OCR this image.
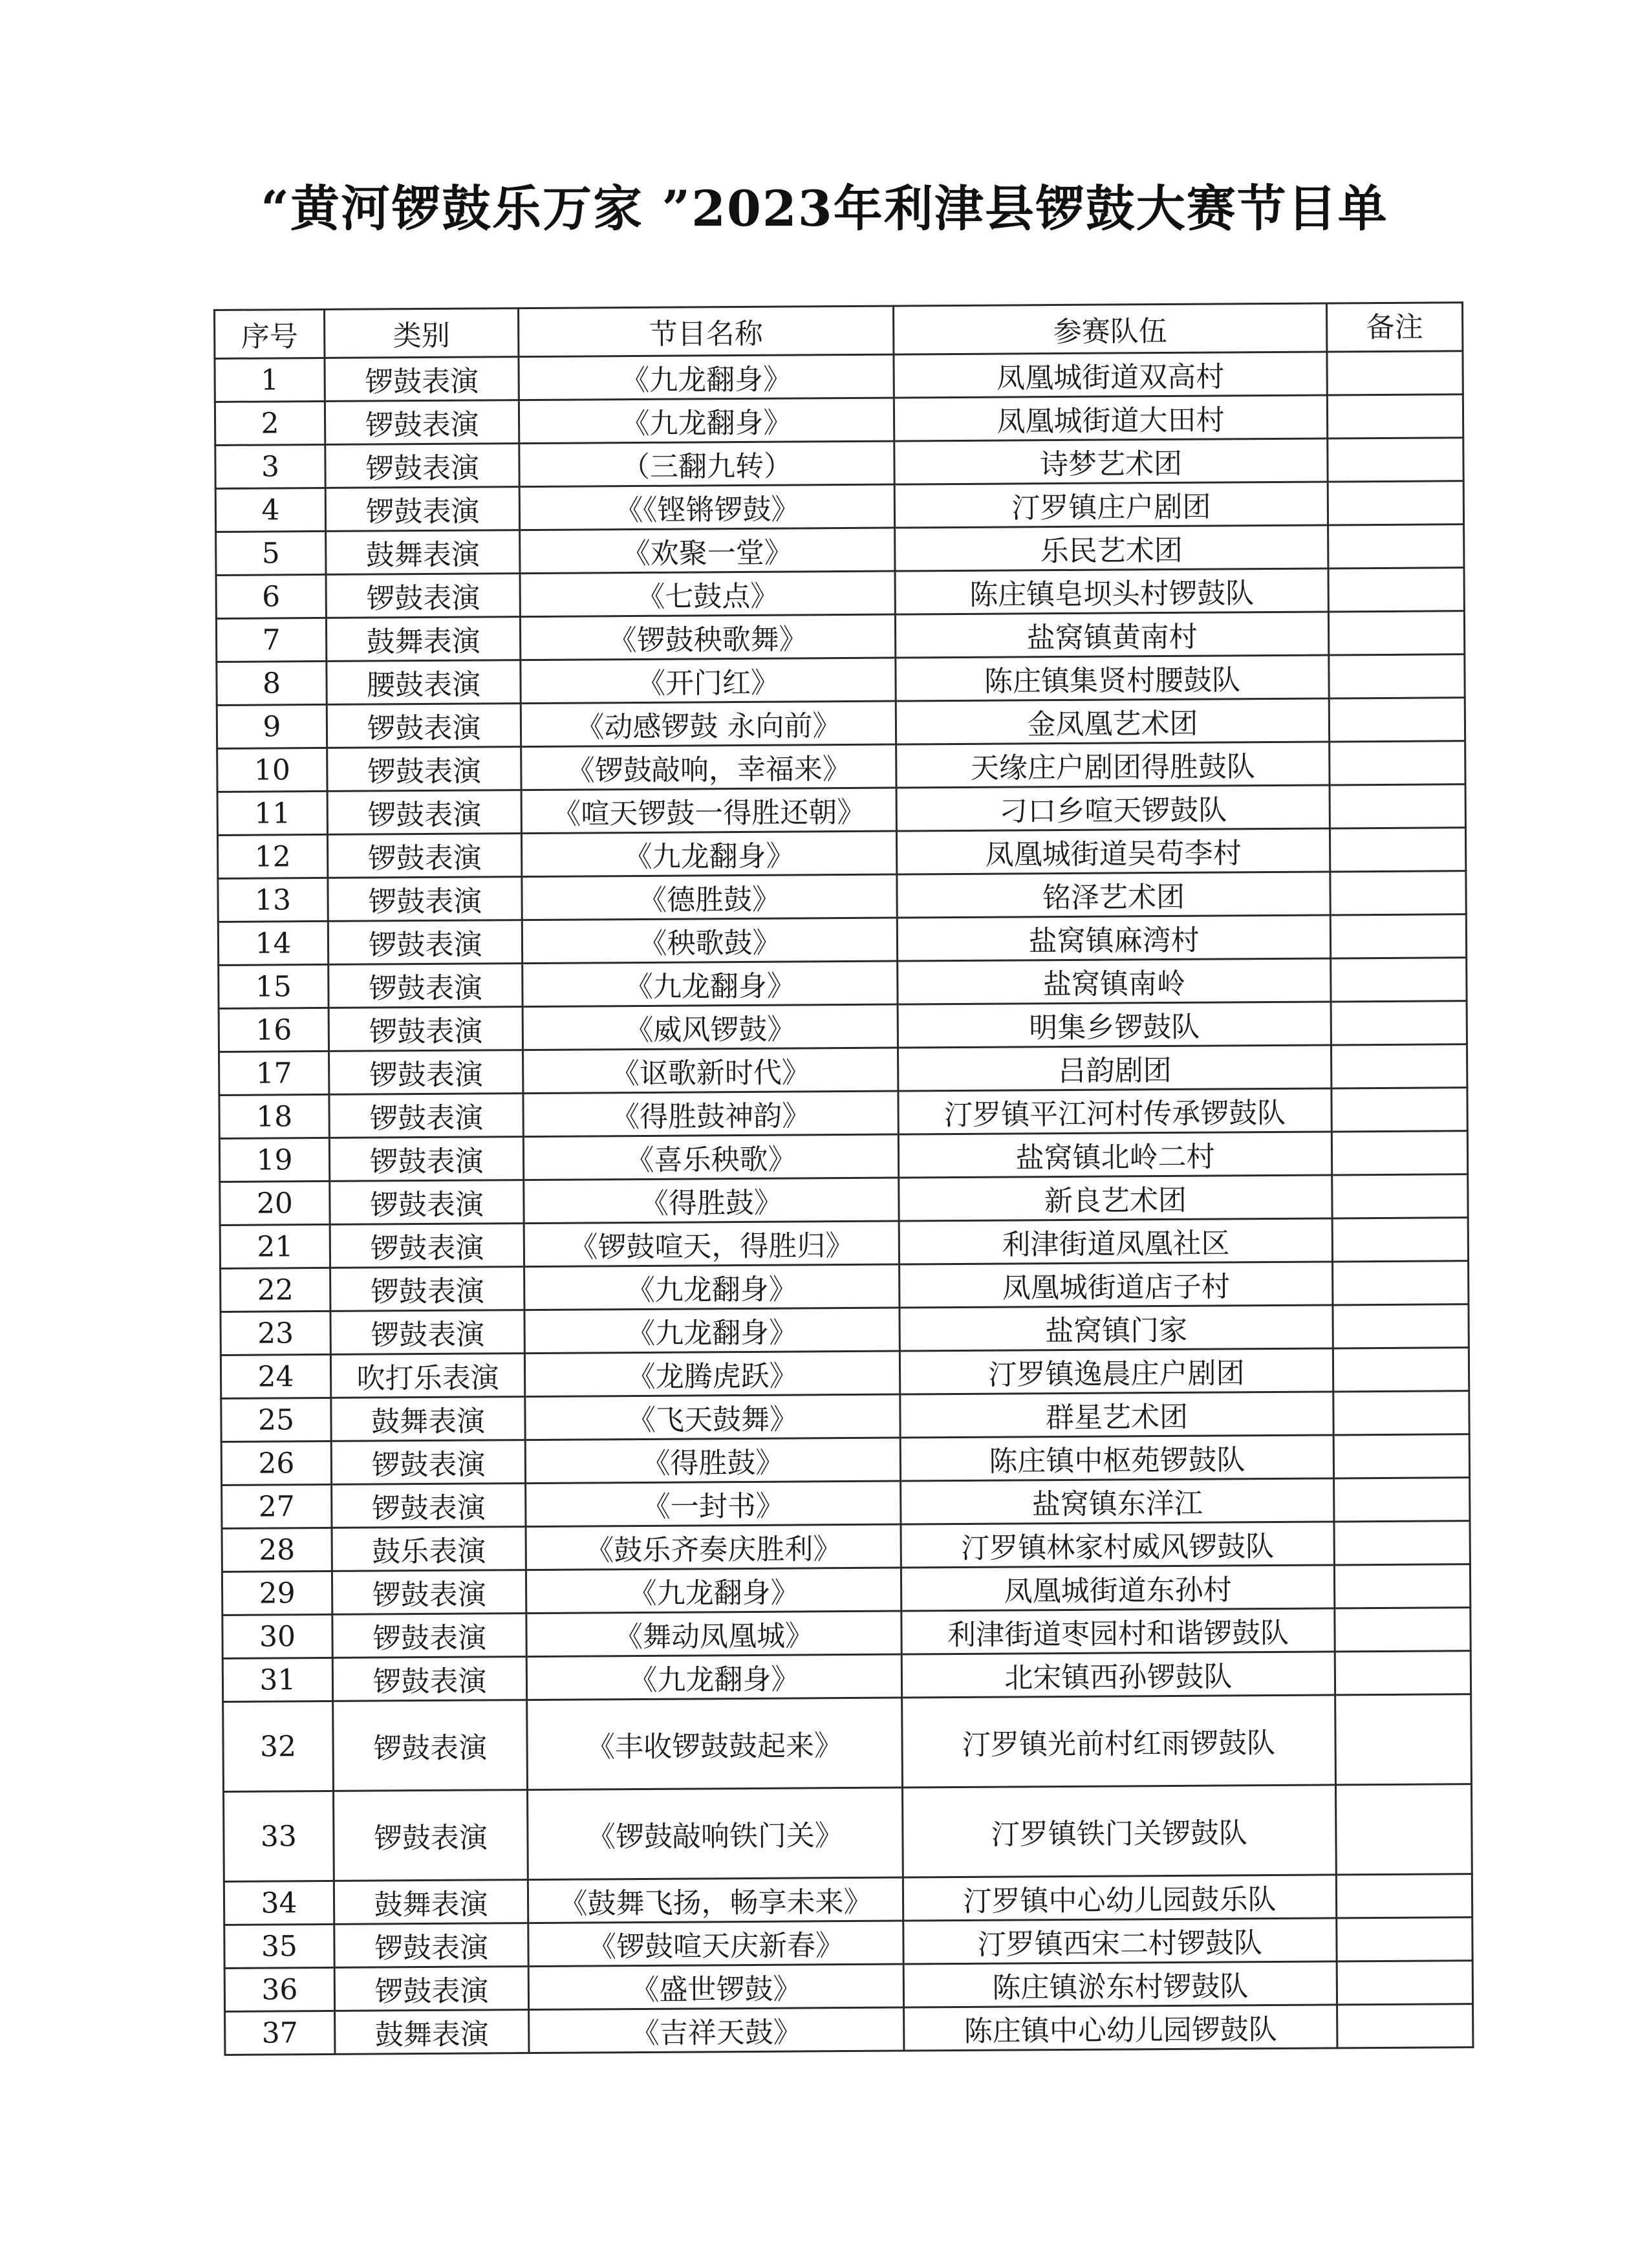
“黄河锣鼓乐万家 ”2023年利津县锣鼓大赛节目单
序号	类别	节目名称	参赛队伍	备注
1	锣鼓表演	《九龙翻身》	凤凰城街道双高村	
2	锣鼓表演	《九龙翻身》	凤凰城街道大田村	
3	锣鼓表演	（三翻九转）	诗梦艺术团	
4	锣鼓表演	《《铿锵锣鼓》	汀罗镇庄户剧团	
5	鼓舞表演	《欢聚一堂》	乐民艺术团	
6	锣鼓表演	《七鼓点》	陈庄镇皂坝头村锣鼓队	
7	鼓舞表演	《锣鼓秧歌舞》	盐窝镇黄南村	
8	腰鼓表演	《开门红》	陈庄镇集贤村腰鼓队	
9	锣鼓表演	《动感锣鼓 永向前》	金凤凰艺术团	
10	锣鼓表演	《锣鼓敲响，幸福来》	天缘庄户剧团得胜鼓队	
11	锣鼓表演	《喧天锣鼓一得胜还朝》	刁口乡喧天锣鼓队	
12	锣鼓表演	《九龙翻身》	凤凰城街道吴苟李村	
13	锣鼓表演	《德胜鼓》	铭泽艺术团	
14	锣鼓表演	《秧歌鼓》	盐窝镇麻湾村	
15	锣鼓表演	《九龙翻身》	盐窝镇南岭	
16	锣鼓表演	《威风锣鼓》	明集乡锣鼓队	
17	锣鼓表演	《讴歌新时代》	吕韵剧团	
18	锣鼓表演	《得胜鼓神韵》	汀罗镇平江河村传承锣鼓队	
19	锣鼓表演	《喜乐秧歌》	盐窝镇北岭二村	
20	锣鼓表演	《得胜鼓》	新良艺术团	
21	锣鼓表演	《锣鼓喧天，得胜归》	利津街道凤凰社区	
22	锣鼓表演	《九龙翻身》	凤凰城街道店子村	
23	锣鼓表演	《九龙翻身》	盐窝镇门家	
24	吹打乐表演	《龙腾虎跃》	汀罗镇逸晨庄户剧团	
25	鼓舞表演	《飞天鼓舞》	群星艺术团	
26	锣鼓表演	《得胜鼓》	陈庄镇中枢苑锣鼓队	
27	锣鼓表演	《一封书》	盐窝镇东洋江	
28	鼓乐表演	《鼓乐齐奏庆胜利》	汀罗镇林家村威风锣鼓队	
29	锣鼓表演	《九龙翻身》	凤凰城街道东孙村	
30	锣鼓表演	《舞动凤凰城》	利津街道枣园村和谐锣鼓队	
31	锣鼓表演	《九龙翻身》	北宋镇西孙锣鼓队	
32	锣鼓表演	《丰收锣鼓鼓起来》	汀罗镇光前村红雨锣鼓队	
33	锣鼓表演	《锣鼓敲响铁门关》	汀罗镇铁门关锣鼓队	
34	鼓舞表演	《鼓舞飞扬，畅享未来》	汀罗镇中心幼儿园鼓乐队	
35	锣鼓表演	《锣鼓喧天庆新春》	汀罗镇西宋二村锣鼓队	
36	锣鼓表演	《盛世锣鼓》	陈庄镇淤东村锣鼓队	
37	鼓舞表演	《吉祥天鼓》	陈庄镇中心幼儿园锣鼓队	
